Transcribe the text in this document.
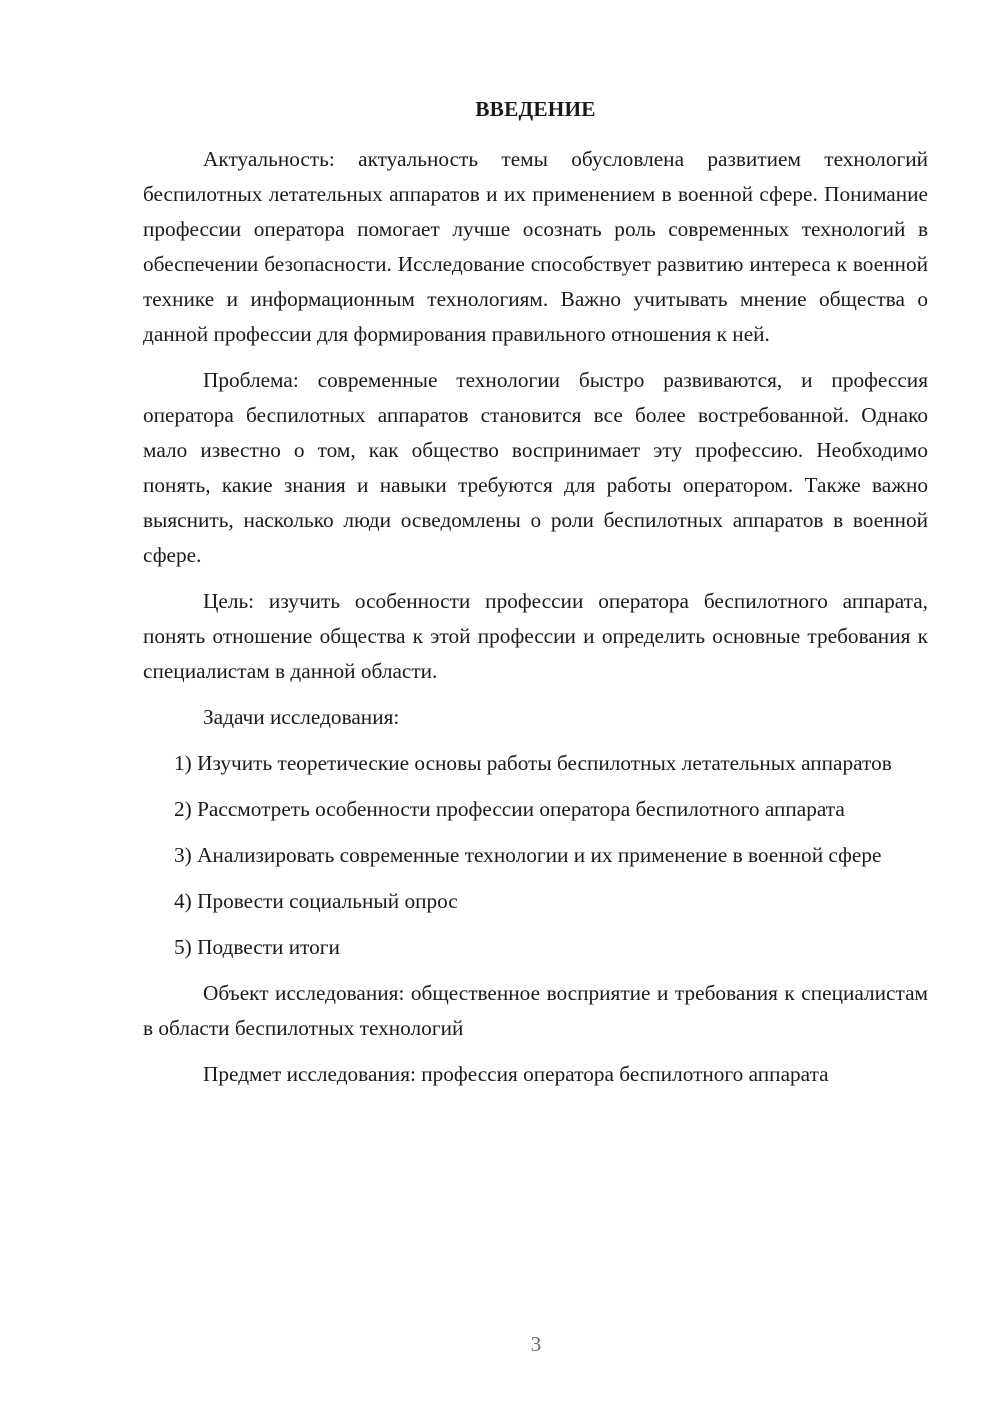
ВВЕДЕНИЕ

Актуальность: актуальность темы обусловлена развитием технологий беспилотных летательных аппаратов и их применением в военной сфере. Понимание профессии оператора помогает лучше осознать роль современных технологий в обеспечении безопасности. Исследование способствует развитию интереса к военной технике и информационным технологиям. Важно учитывать мнение общества о данной профессии для формирования правильного отношения к ней.

Проблема: современные технологии быстро развиваются, и профессия оператора беспилотных аппаратов становится все более востребованной. Однако мало известно о том, как общество воспринимает эту профессию. Необходимо понять, какие знания и навыки требуются для работы оператором. Также важно выяснить, насколько люди осведомлены о роли беспилотных аппаратов в военной сфере.

Цель: изучить особенности профессии оператора беспилотного аппарата, понять отношение общества к этой профессии и определить основные требования к специалистам в данной области.

Задачи исследования:

1) Изучить теоретические основы работы беспилотных летательных аппаратов

2) Рассмотреть особенности профессии оператора беспилотного аппарата

3) Анализировать современные технологии и их применение в военной сфере

4) Провести социальный опрос

5) Подвести итоги

Объект исследования: общественное восприятие и требования к специалистам в области беспилотных технологий

Предмет исследования: профессия оператора беспилотного аппарата

3
